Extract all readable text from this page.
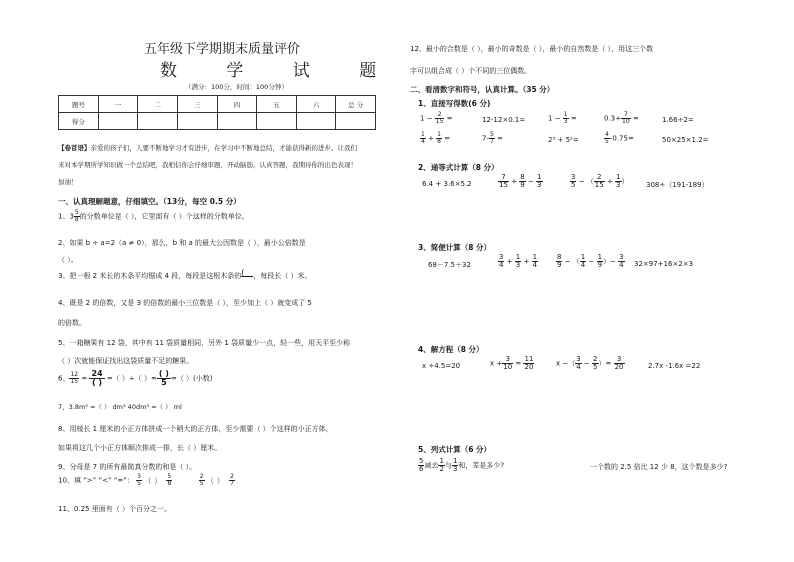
五年级下学期期末质量评价
数 学 试 题
（满分：100分，时间：100分钟）
题号	一	二	三	四	五	六	总 分
得分							
【卷首语】亲爱的孩子们，人要不断地学习才有进步，在学习中不断地总结，才能获得新的进步。让我们
来对本学期所学知识做一个总结吧，我相信你会仔细审题，开动脑筋，认真答题，我期待你的出色表现！
加油！
一、认真理解题意，仔细填空。（13分，每空 0.5 分）
1、$3 \frac{5}{8}$ 的分数单位是（ ），它里面有（ ）个这样的分数单位。
2、如果 b ÷ a=2（a ≠ 0），那么，b 和 a 的最大公因数是（ ），最小公倍数是
（ ）。
3、把一根 2 米长的木条平均锯成 4 段，每段是这根木条的 ( ，每段长（ ）米。
4、既是 2 的倍数，又是 3 的倍数的最小三位数是（ ），至少加上（ ）就变成了 5
的倍数。
5、一箱糖果有 12 袋，其中有 11 袋质量相同，另外 1 袋质量少一点，轻一些，用天平至少称
（ ）次就能保证找出这袋质量不足的糖果。
6、 $\frac{12}{15}$ =
24
( ) =（ ）÷（ ）=
( )
5 =（ ）(小数)
7、3.8m³ =（ ） dm³ 40dm³ =（ ） ml
8、用棱长 1 厘米的小正方体拼成一个稍大的正方体，至少需要（ ）个这样的小正方体，
如果将这几个小正方体顺次排成一排，长（ ）厘米。
9、分母是 7 的所有最简真分数的和是（ ）。
10、填 “>” “<” “=”： $\frac{3}{5}$ （ ） $\frac{5}{8}$
	$\frac{2}{5}$ （ ） $\frac{2}{7}$
11、0.25 里面有（ ）个百分之一。
12、最小的合数是（ ），最小的奇数是（ ），最小的自然数是（ ），用这三个数
字可以组合成（ ）个不同的三位偶数。
二、看清数字和符号，认真计算。（35 分）
1、直接写得数(6 分)
$1 - \frac{2}{15}$ =	12-12×0.1=	$1 - \frac{1}{3}$ =	$0.3+ \frac{7}{10}$ =	1.66÷2=
$\frac{1}{4} + \frac{1}{8}$ =	$7- \frac{5}{7}$ =	2³ + 5²=	$\frac{4}{5} -0.75=$	50×25×1.2=
2、递等式计算（8 分）
6.4 + 3.6×5.2	$\frac{7}{15} + \frac{8}{9} - \frac{1}{3}$	$\frac{3}{5}$ − （ $\frac{2}{15} + \frac{1}{3}$ ） 308÷（191-189）
3、简便计算（8 分）
68－7.5＋32	$\frac{3}{4} + \frac{1}{3} + \frac{1}{4}$	$\frac{8}{9}$ − （ $\frac{1}{4} - \frac{1}{9}$ ）− $\frac{3}{4} 32\times 97+16\times 2\times 3$
4、解方程（8 分）
x ÷4.5=20	$x + \frac{3}{10} = \frac{11}{20}$	x −（ $\frac{3}{4} - \frac{2}{5}$ ）= $\frac{3}{20}$	2.7x -1.6x =22
5、列式计算（6 分）
$\frac{5}{6}$ 减去 $\frac{1}{2}$ 与 $\frac{1}{3}$ 和，差是多少?	一个数的 2.5 倍比 12 少 8，这个数是多少?
